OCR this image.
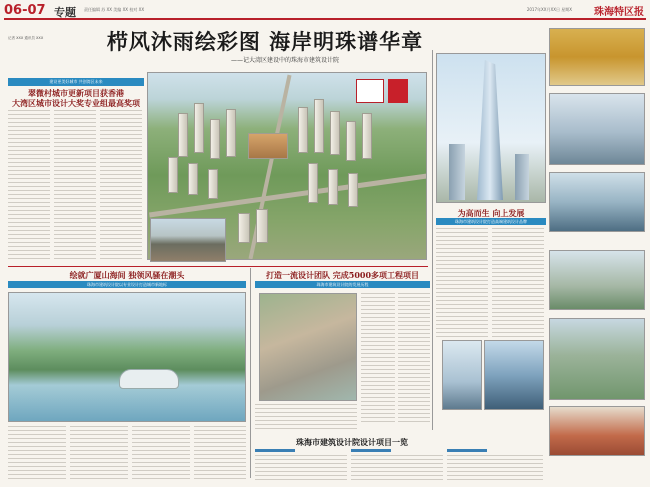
06-07 专题 责任编辑 苏 XX 美编 XX 校对 XX	2017年XX月XX日 星期X 珠海特区报
栉风沐雨绘彩图 海岸明珠谱华章
——记大湾区建设中的珠海市建筑设计院
记者 XXX 通讯员 XXX
建设更美好城市 共创湾区未来
翠微村城市更新项目获香港
大湾区城市设计大奖专业组最高奖项
为高而生 向上发展
珠海市建筑设计院打造高端建筑设计品牌
绘就广厦山海间 独领风骚在潮头
珠海市建筑设计院以专业设计打造城市新地标
打造一流设计团队 完成5000多项工程项目
珠海市建筑设计院的发展历程
珠海市建筑设计院设计项目一览
